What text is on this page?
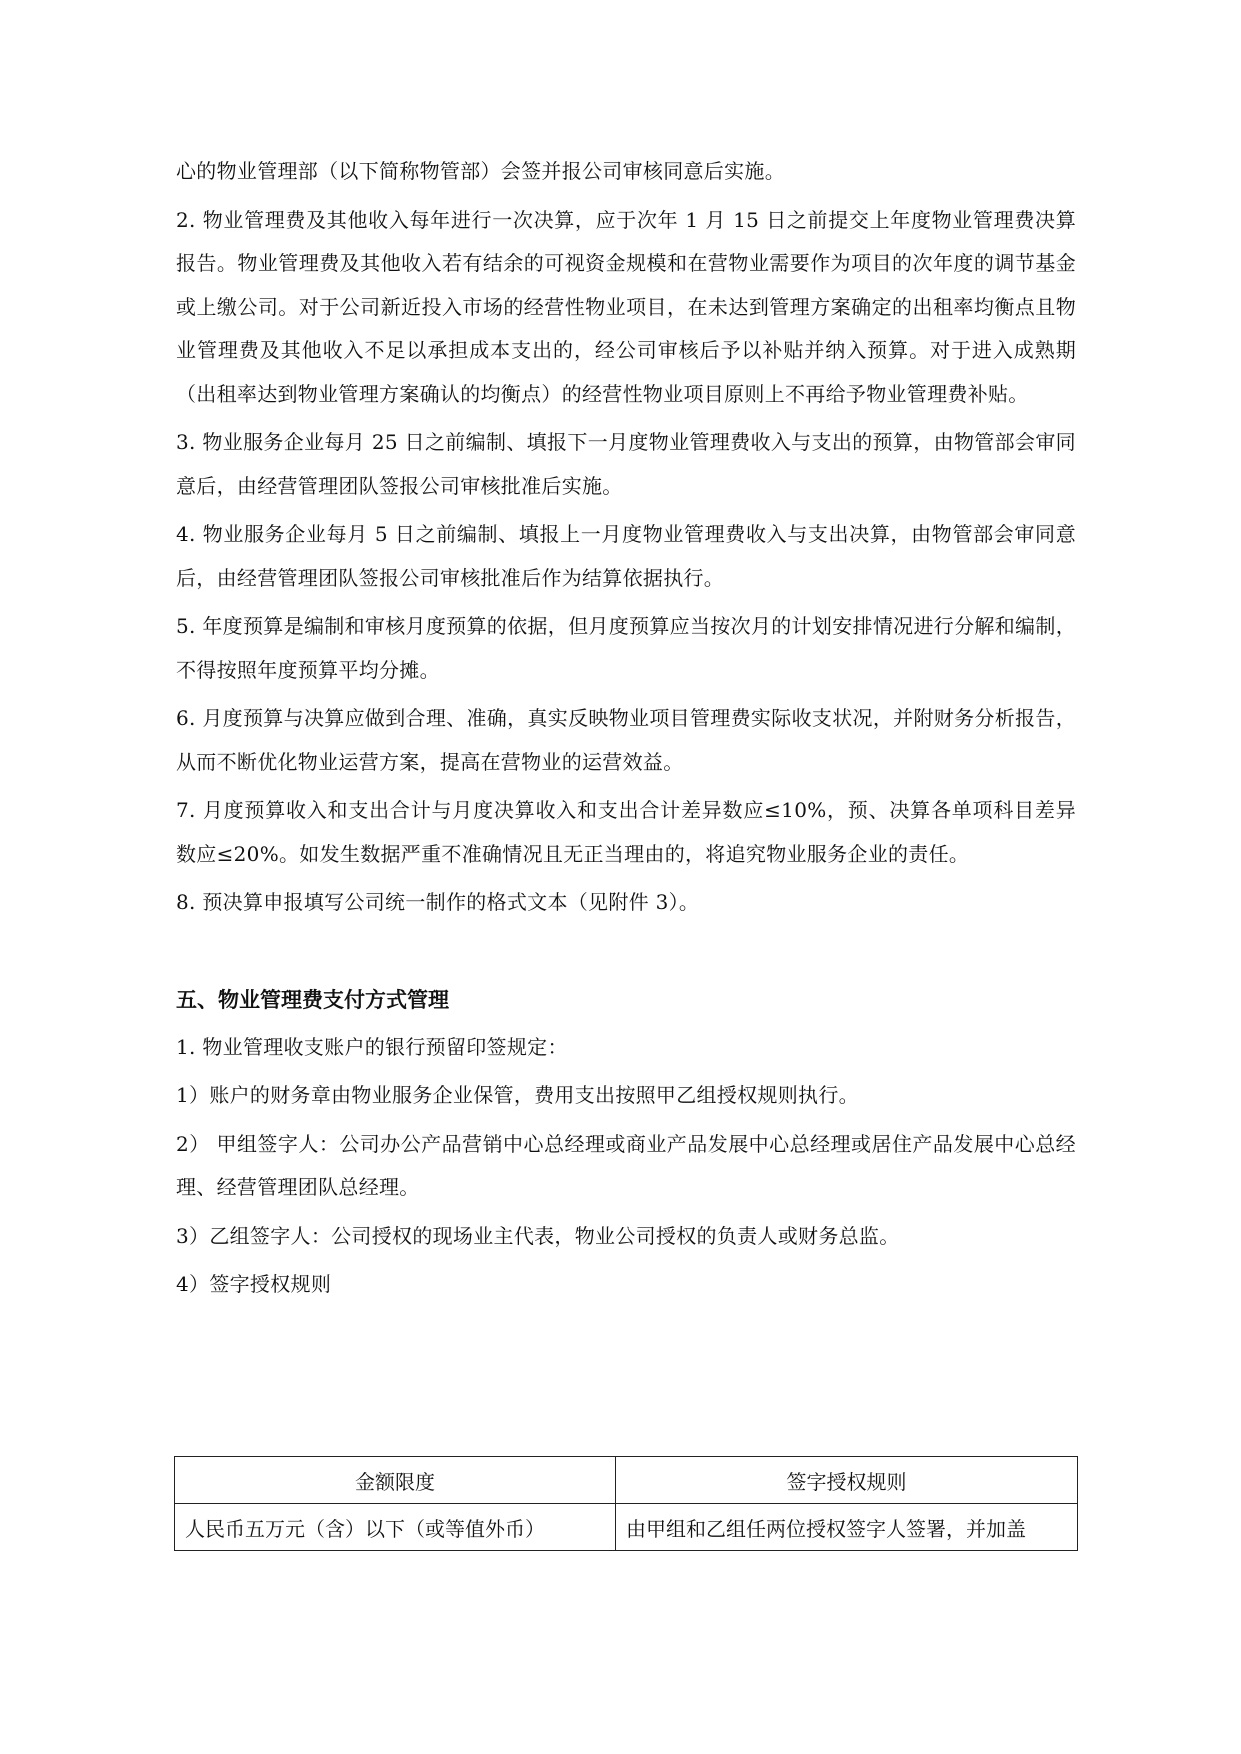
心的物业管理部（以下简称物管部）会签并报公司审核同意后实施。

2. 物业管理费及其他收入每年进行一次决算，应于次年 1 月 15 日之前提交上年度物业管理费决算报告。物业管理费及其他收入若有结余的可视资金规模和在营物业需要作为项目的次年度的调节基金或上缴公司。对于公司新近投入市场的经营性物业项目，在未达到管理方案确定的出租率均衡点且物业管理费及其他收入不足以承担成本支出的，经公司审核后予以补贴并纳入预算。对于进入成熟期（出租率达到物业管理方案确认的均衡点）的经营性物业项目原则上不再给予物业管理费补贴。

3. 物业服务企业每月 25 日之前编制、填报下一月度物业管理费收入与支出的预算，由物管部会审同意后，由经营管理团队签报公司审核批准后实施。

4. 物业服务企业每月 5 日之前编制、填报上一月度物业管理费收入与支出决算，由物管部会审同意后，由经营管理团队签报公司审核批准后作为结算依据执行。

5. 年度预算是编制和审核月度预算的依据，但月度预算应当按次月的计划安排情况进行分解和编制，不得按照年度预算平均分摊。

6. 月度预算与决算应做到合理、准确，真实反映物业项目管理费实际收支状况，并附财务分析报告，从而不断优化物业运营方案，提高在营物业的运营效益。

7. 月度预算收入和支出合计与月度决算收入和支出合计差异数应≤10%，预、决算各单项科目差异数应≤20%。如发生数据严重不准确情况且无正当理由的，将追究物业服务企业的责任。

8. 预决算申报填写公司统一制作的格式文本（见附件 3）。

五、物业管理费支付方式管理

1. 物业管理收支账户的银行预留印签规定：

1）账户的财务章由物业服务企业保管，费用支出按照甲乙组授权规则执行。

2） 甲组签字人：公司办公产品营销中心总经理或商业产品发展中心总经理或居住产品发展中心总经理、经营管理团队总经理。

3）乙组签字人：公司授权的现场业主代表，物业公司授权的负责人或财务总监。

4）签字授权规则

金额限度	签字授权规则
人民币五万元（含）以下（或等值外币）	由甲组和乙组任两位授权签字人签署，并加盖
